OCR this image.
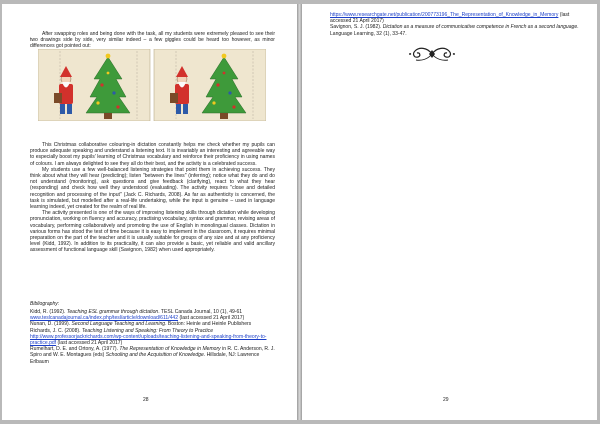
After swapping roles and being done with the task, all my students were extremely pleased to see their two drawings side by side, very similar indeed – a few giggles could be heard too however, as minor differences got pointed out:

This Christmas collaborative colouring-in dictation constantly helps me check whether my pupils can produce adequate speaking and understand a listening text. It is invariably an interesting and agreeable way to especially boost my pupils' learning of Christmas vocabulary and reinforce their proficiency in using names of colours. I am always delighted to see they all do their best, and the activity is a celebrated success.

My students use a few well-balanced listening strategies that point them in achieving success. They think about what they will hear (predicting); listen "between the lines" (inferring); notice what they do and do not understand (monitoring), ask questions and give feedback (clarifying), react to what they hear (responding) and check how well they understood (evaluating). The activity requires "close and detailed recognition and processing of the input" (Jack C. Richards, 2008). As far as authenticity is concerned, the task is simulated, but modelled after a real-life undertaking, while the input is genuine – used in language learning indeed, yet created for the realm of real life.

The activity presented is one of the ways of improving listening skills through dictation while developing pronunciation, working on fluency and accuracy, practising vocabulary, syntax and grammar, revising areas of vocabulary, performing collaboratively and promoting the use of English in monolingual classes. Dictation in various forms has stood the test of time because it is easy to implement in the classroom, it requires minimal preparation on the part of the teacher and it is usually suitable for groups of any size and at any proficiency level (Kidd, 1992). In addition to its practicality, it can also provide a basic, yet reliable and valid ancillary assessment of functional language skill (Savignon, 1982) when used appropriately.

Bibliography:
Kidd, R. (1992). Teaching ESL grammar through dictation. TESL Canada Journal, 10 (1), 49-61 www.teslcanadajournal.ca/index.php/tesl/article/download/611/442 (last accessed 21 April 2017)
Nunan, D. (1999). Second Language Teaching and Learning. Boston: Heinle and Heinle Publishers
Richards, J. C. (2008). Teaching Listening and Speaking: From Theory to Practice http://www.professorjackrichards.com/wp-content/uploads/teaching-listening-and-speaking-from-theory-to-practice.pdf (last accessed 21 April 2017)
Rumelhart, D. E. and Ortony, A. (1977). The Representation of Knowledge in Memory in R. C. Anderson, R. J. Spiro and W. E. Montagues (eds) Schooling and the Acquisition of Knowledge. Hillsdale, NJ: Lawrence Erlbaum
28
https://www.researchgate.net/publication/200773196_The_Representation_of_Knowledge_in_Memory (last accessed 21 April 2017)
Savignon, S. J. (1982). Dictation as a measure of communicative competence in French as a second language. Language Learning, 32 (1), 33-47.
29
